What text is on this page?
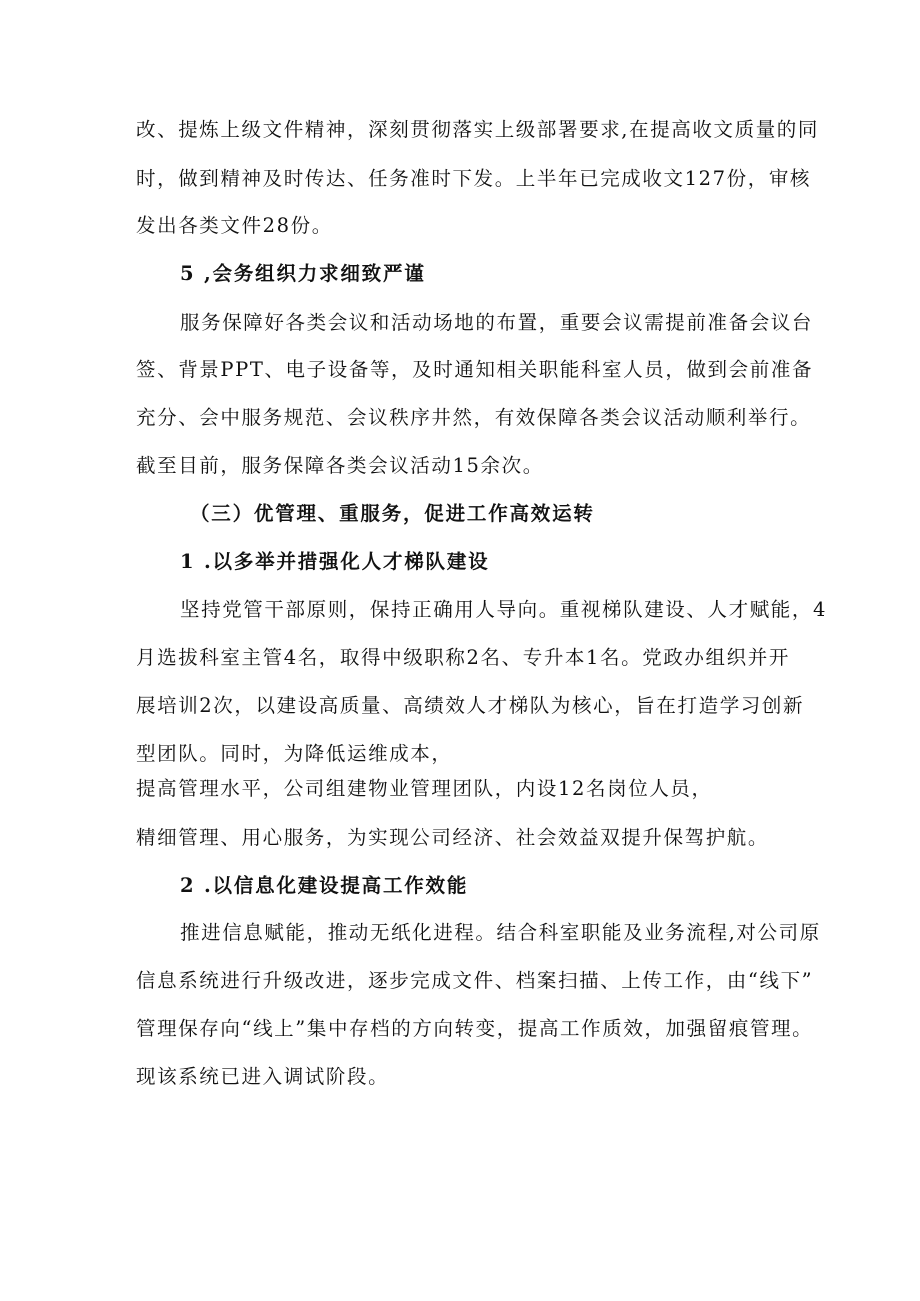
改、提炼上级文件精神，深刻贯彻落实上级部署要求,在提高收文质量的同
时，做到精神及时传达、任务准时下发。上半年已完成收文127份，审核
发出各类文件28份。
5 ,会务组织力求细致严谨
服务保障好各类会议和活动场地的布置，重要会议需提前准备会议台
签、背景PPT、电子设备等，及时通知相关职能科室人员，做到会前准备
充分、会中服务规范、会议秩序井然，有效保障各类会议活动顺利举行。
截至目前，服务保障各类会议活动15余次。
（三）优管理、重服务，促进工作高效运转
1 .以多举并措强化人才梯队建设
坚持党管干部原则，保持正确用人导向。重视梯队建设、人才赋能，4
月选拔科室主管4名，取得中级职称2名、专升本1名。党政办组织并开
展培训2次，以建设高质量、高绩效人才梯队为核心，旨在打造学习创新
型团队。同时，为降低运维成本，
提高管理水平，公司组建物业管理团队，内设12名岗位人员，
精细管理、用心服务，为实现公司经济、社会效益双提升保驾护航。
2 .以信息化建设提高工作效能
推进信息赋能，推动无纸化进程。结合科室职能及业务流程,对公司原
信息系统进行升级改进，逐步完成文件、档案扫描、上传工作，由“线下”
管理保存向“线上”集中存档的方向转变，提高工作质效，加强留痕管理。
现该系统已进入调试阶段。
